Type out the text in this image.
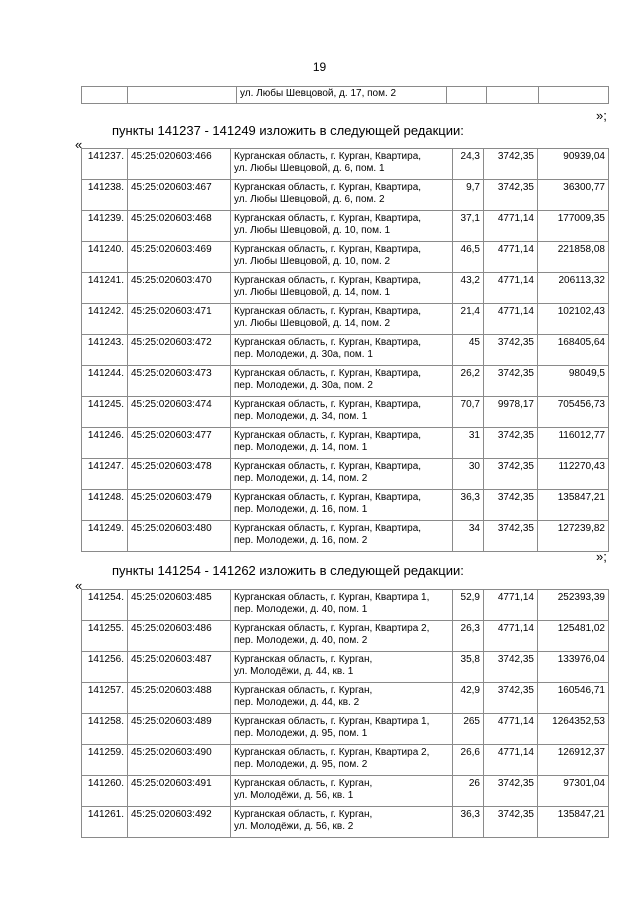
19
		ул. Любы Шевцовой, д. 17, пом. 2			
»;
пункты 141237 - 141249 изложить в следующей редакции:
«
141237.	45:25:020603:466	Курганская область, г. Курган, Квартира,
ул. Любы Шевцовой, д. 6, пом. 1	24,3	3742,35	90939,04
141238.	45:25:020603:467	Курганская область, г. Курган, Квартира,
ул. Любы Шевцовой, д. 6, пом. 2	9,7	3742,35	36300,77
141239.	45:25:020603:468	Курганская область, г. Курган, Квартира,
ул. Любы Шевцовой, д. 10, пом. 1	37,1	4771,14	177009,35
141240.	45:25:020603:469	Курганская область, г. Курган, Квартира,
ул. Любы Шевцовой, д. 10, пом. 2	46,5	4771,14	221858,08
141241.	45:25:020603:470	Курганская область, г. Курган, Квартира,
ул. Любы Шевцовой, д. 14, пом. 1	43,2	4771,14	206113,32
141242.	45:25:020603:471	Курганская область, г. Курган, Квартира,
ул. Любы Шевцовой, д. 14, пом. 2	21,4	4771,14	102102,43
141243.	45:25:020603:472	Курганская область, г. Курган, Квартира,
пер. Молодежи, д. 30а, пом. 1	45	3742,35	168405,64
141244.	45:25:020603:473	Курганская область, г. Курган, Квартира,
пер. Молодежи, д. 30а, пом. 2	26,2	3742,35	98049,5
141245.	45:25:020603:474	Курганская область, г. Курган, Квартира,
пер. Молодежи, д. 34, пом. 1	70,7	9978,17	705456,73
141246.	45:25:020603:477	Курганская область, г. Курган, Квартира,
пер. Молодежи, д. 14, пом. 1	31	3742,35	116012,77
141247.	45:25:020603:478	Курганская область, г. Курган, Квартира,
пер. Молодежи, д. 14, пом. 2	30	3742,35	112270,43
141248.	45:25:020603:479	Курганская область, г. Курган, Квартира,
пер. Молодежи, д. 16, пом. 1	36,3	3742,35	135847,21
141249.	45:25:020603:480	Курганская область, г. Курган, Квартира,
пер. Молодежи, д. 16, пом. 2	34	3742,35	127239,82
»;
пункты 141254 - 141262 изложить в следующей редакции:
«
141254.	45:25:020603:485	Курганская область, г. Курган, Квартира 1,
пер. Молодежи, д. 40, пом. 1	52,9	4771,14	252393,39
141255.	45:25:020603:486	Курганская область, г. Курган, Квартира 2,
пер. Молодежи, д. 40, пом. 2	26,3	4771,14	125481,02
141256.	45:25:020603:487	Курганская область, г. Курган,
ул. Молодёжи, д. 44, кв. 1	35,8	3742,35	133976,04
141257.	45:25:020603:488	Курганская область, г. Курган,
пер. Молодежи, д. 44, кв. 2	42,9	3742,35	160546,71
141258.	45:25:020603:489	Курганская область, г. Курган, Квартира 1,
пер. Молодежи, д. 95, пом. 1	265	4771,14	1264352,53
141259.	45:25:020603:490	Курганская область, г. Курган, Квартира 2,
пер. Молодежи, д. 95, пом. 2	26,6	4771,14	126912,37
141260.	45:25:020603:491	Курганская область, г. Курган,
ул. Молодёжи, д. 56, кв. 1	26	3742,35	97301,04
141261.	45:25:020603:492	Курганская область, г. Курган,
ул. Молодёжи, д. 56, кв. 2	36,3	3742,35	135847,21
